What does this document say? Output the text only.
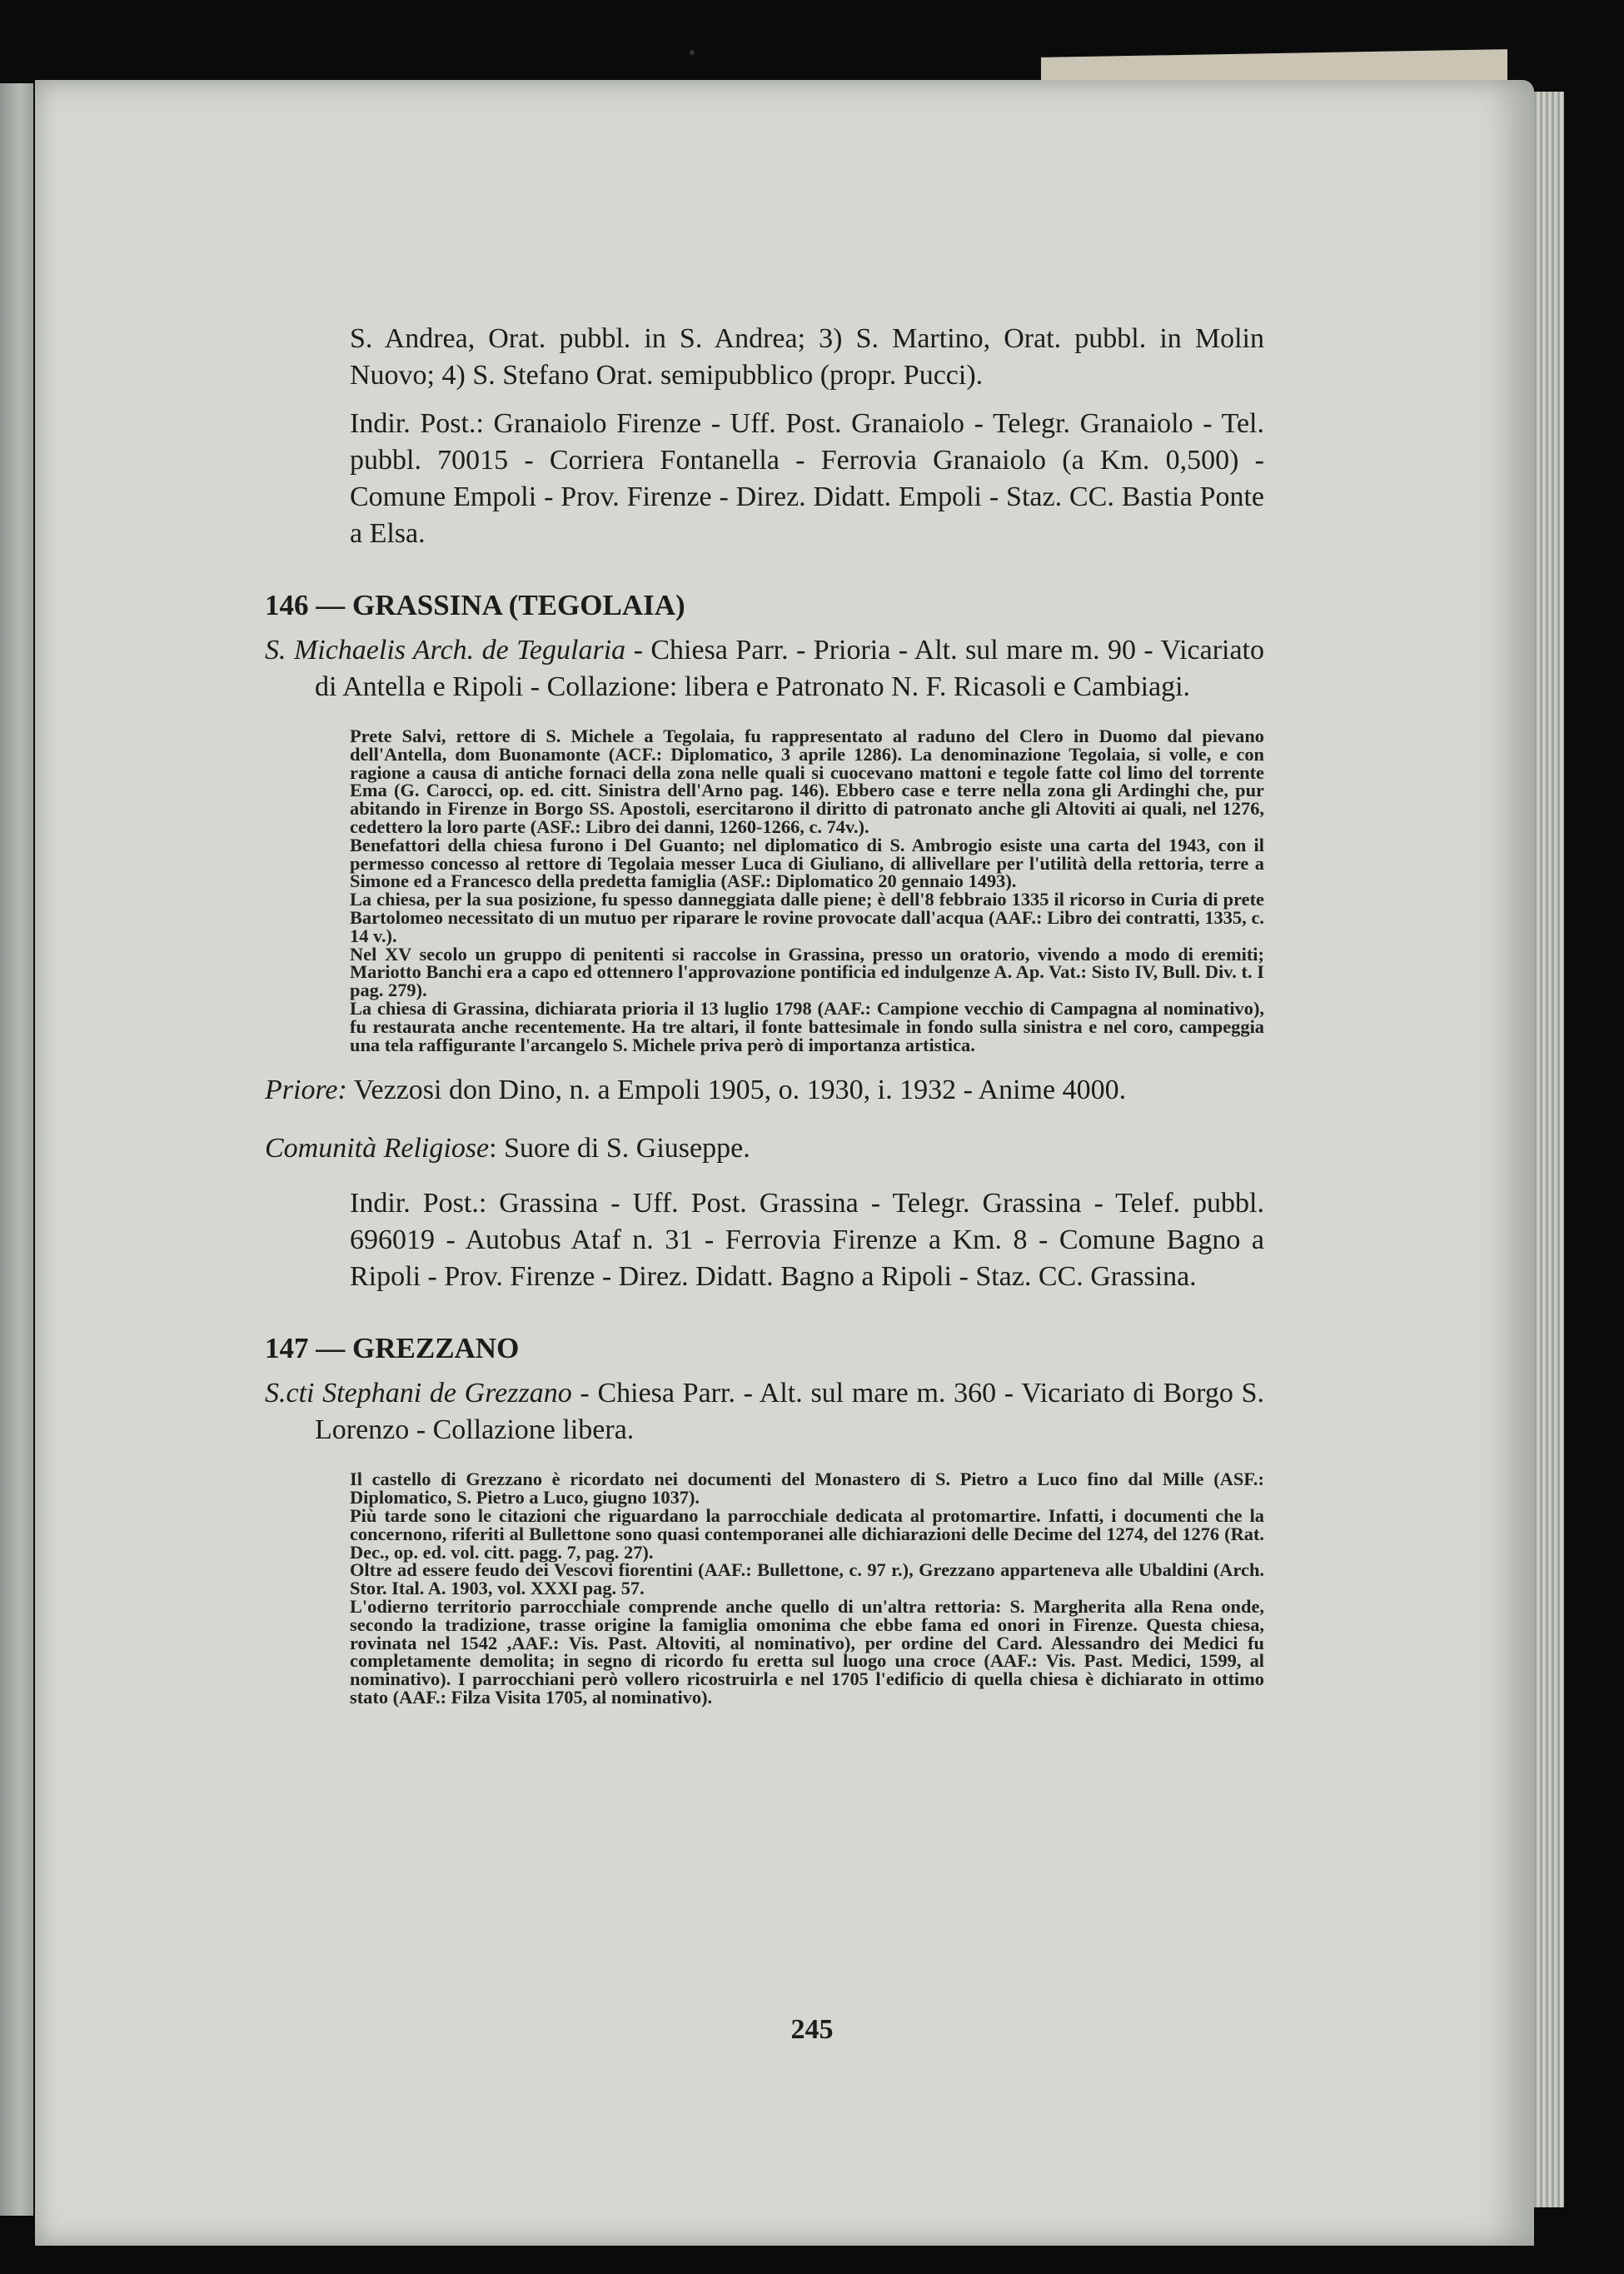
S. Andrea, Orat. pubbl. in S. Andrea; 3) S. Martino, Orat. pubbl. in Molin Nuovo; 4) S. Stefano Orat. semipubblico (propr. Pucci).

Indir. Post.: Granaiolo Firenze - Uff. Post. Granaiolo - Telegr. Granaiolo - Tel. pubbl. 70015 - Corriera Fontanella - Ferrovia Granaiolo (a Km. 0,500) - Comune Empoli - Prov. Firenze - Direz. Didatt. Empoli - Staz. CC. Bastia Ponte a Elsa.

146 — GRASSINA (TEGOLAIA)

S. Michaelis Arch. de Tegularia - Chiesa Parr. - Prioria - Alt. sul mare m. 90 - Vicariato di Antella e Ripoli - Collazione: libera e Patronato N. F. Ricasoli e Cambiagi.

Prete Salvi, rettore di S. Michele a Tegolaia, fu rappresentato al raduno del Clero in Duomo dal pievano dell'Antella, dom Buonamonte (ACF.: Diplomatico, 3 aprile 1286). La denominazione Tegolaia, si volle, e con ragione a causa di antiche fornaci della zona nelle quali si cuocevano mattoni e tegole fatte col limo del torrente Ema (G. Carocci, op. ed. citt. Sinistra dell'Arno pag. 146). Ebbero case e terre nella zona gli Ardinghi che, pur abitando in Firenze in Borgo SS. Apostoli, esercitarono il diritto di patronato anche gli Altoviti ai quali, nel 1276, cedettero la loro parte (ASF.: Libro dei danni, 1260-1266, c. 74v.).

Benefattori della chiesa furono i Del Guanto; nel diplomatico di S. Ambrogio esiste una carta del 1943, con il permesso concesso al rettore di Tegolaia messer Luca di Giuliano, di allivellare per l'utilità della rettoria, terre a Simone ed a Francesco della predetta famiglia (ASF.: Diplomatico 20 gennaio 1493).

La chiesa, per la sua posizione, fu spesso danneggiata dalle piene; è dell'8 febbraio 1335 il ricorso in Curia di prete Bartolomeo necessitato di un mutuo per riparare le rovine provocate dall'acqua (AAF.: Libro dei contratti, 1335, c. 14 v.).

Nel XV secolo un gruppo di penitenti si raccolse in Grassina, presso un oratorio, vivendo a modo di eremiti; Mariotto Banchi era a capo ed ottennero l'approvazione pontificia ed indulgenze A. Ap. Vat.: Sisto IV, Bull. Div. t. I pag. 279).

La chiesa di Grassina, dichiarata prioria il 13 luglio 1798 (AAF.: Campione vecchio di Campagna al nominativo), fu restaurata anche recentemente. Ha tre altari, il fonte battesimale in fondo sulla sinistra e nel coro, campeggia una tela raffigurante l'arcangelo S. Michele priva però di importanza artistica.

Priore: Vezzosi don Dino, n. a Empoli 1905, o. 1930, i. 1932 - Anime 4000.

Comunità Religiose: Suore di S. Giuseppe.

Indir. Post.: Grassina - Uff. Post. Grassina - Telegr. Grassina - Telef. pubbl. 696019 - Autobus Ataf n. 31 - Ferrovia Firenze a Km. 8 - Comune Bagno a Ripoli - Prov. Firenze - Direz. Didatt. Bagno a Ripoli - Staz. CC. Grassina.

147 — GREZZANO

S.cti Stephani de Grezzano - Chiesa Parr. - Alt. sul mare m. 360 - Vicariato di Borgo S. Lorenzo - Collazione libera.

Il castello di Grezzano è ricordato nei documenti del Monastero di S. Pietro a Luco fino dal Mille (ASF.: Diplomatico, S. Pietro a Luco, giugno 1037).

Più tarde sono le citazioni che riguardano la parrocchiale dedicata al protomartire. Infatti, i documenti che la concernono, riferiti al Bullettone sono quasi contemporanei alle dichiarazioni delle Decime del 1274, del 1276 (Rat. Dec., op. ed. vol. citt. pagg. 7, pag. 27).

Oltre ad essere feudo dei Vescovi fiorentini (AAF.: Bullettone, c. 97 r.), Grezzano apparteneva alle Ubaldini (Arch. Stor. Ital. A. 1903, vol. XXXI pag. 57.

L'odierno territorio parrocchiale comprende anche quello di un'altra rettoria: S. Margherita alla Rena onde, secondo la tradizione, trasse origine la famiglia omonima che ebbe fama ed onori in Firenze. Questa chiesa, rovinata nel 1542 ,AAF.: Vis. Past. Altoviti, al nominativo), per ordine del Card. Alessandro dei Medici fu completamente demolita; in segno di ricordo fu eretta sul luogo una croce (AAF.: Vis. Past. Medici, 1599, al nominativo). I parrocchiani però vollero ricostruirla e nel 1705 l'edificio di quella chiesa è dichiarato in ottimo stato (AAF.: Filza Visita 1705, al nominativo).

245
